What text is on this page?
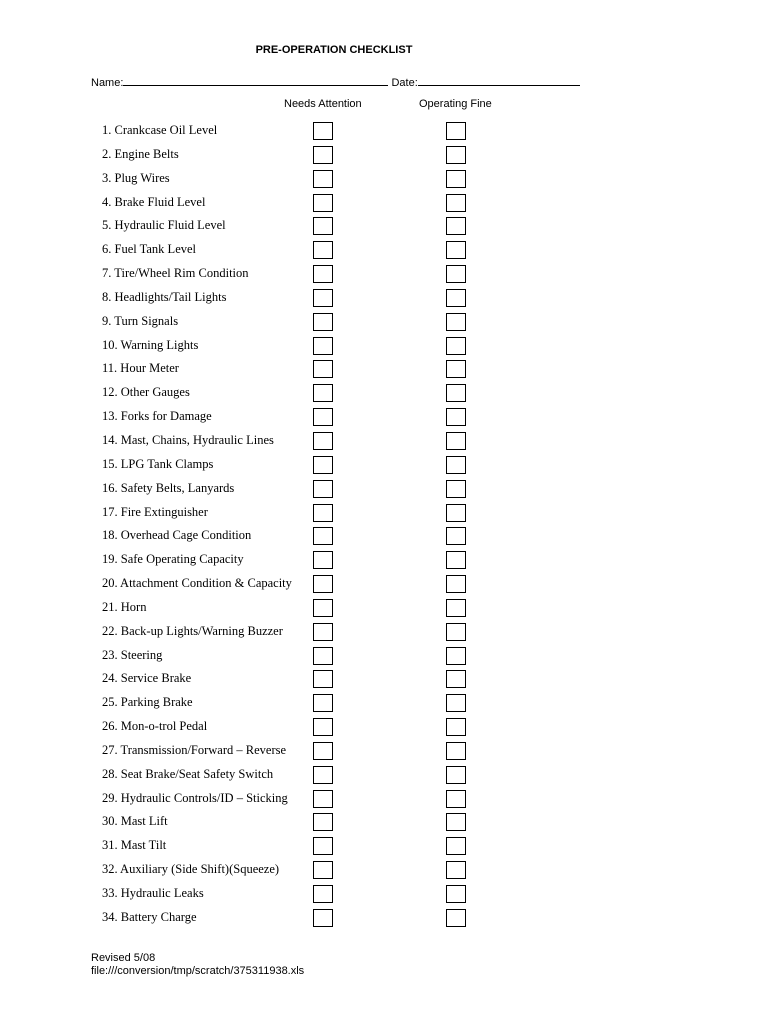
PRE-OPERATION CHECKLIST
Name:	Date:
Needs Attention	Operating Fine
1. Crankcase Oil Level
2. Engine Belts
3. Plug Wires
4. Brake Fluid Level
5. Hydraulic Fluid Level
6. Fuel Tank Level
7. Tire/Wheel Rim Condition
8. Headlights/Tail Lights
9. Turn Signals
10. Warning Lights
11. Hour Meter
12. Other Gauges
13. Forks for Damage
14. Mast, Chains, Hydraulic Lines
15. LPG Tank Clamps
16. Safety Belts, Lanyards
17. Fire Extinguisher
18. Overhead Cage Condition
19. Safe Operating Capacity
20. Attachment Condition & Capacity
21. Horn
22. Back-up Lights/Warning Buzzer
23. Steering
24. Service Brake
25. Parking Brake
26. Mon-o-trol Pedal
27. Transmission/Forward – Reverse
28. Seat Brake/Seat Safety Switch
29. Hydraulic Controls/ID – Sticking
30. Mast Lift
31. Mast Tilt
32. Auxiliary (Side Shift)(Squeeze)
33. Hydraulic Leaks
34. Battery Charge
Revised 5/08
file:///conversion/tmp/scratch/375311938.xls
